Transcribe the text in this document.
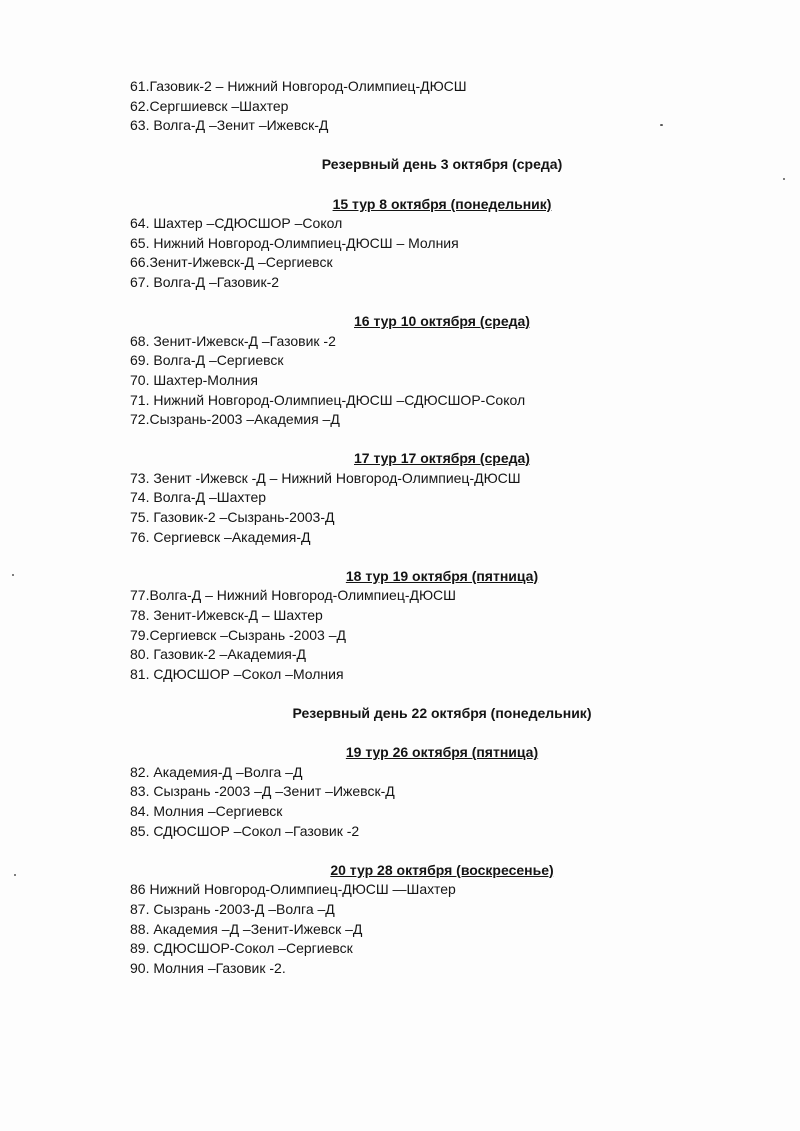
61.Газовик-2 – Нижний Новгород-Олимпиец-ДЮСШ
62.Сергшиевск –Шахтер
63. Волга-Д –Зенит –Ижевск-Д
Резервный день 3 октября (среда)
15 тур 8 октября (понедельник)
64. Шахтер –СДЮСШОР –Сокол
65. Нижний Новгород-Олимпиец-ДЮСШ – Молния
66.Зенит-Ижевск-Д –Сергиевск
67. Волга-Д –Газовик-2
16 тур 10 октября (среда)
68. Зенит-Ижевск-Д –Газовик -2
69. Волга-Д –Сергиевск
70. Шахтер-Молния
71. Нижний Новгород-Олимпиец-ДЮСШ –СДЮСШОР-Сокол
72.Сызрань-2003 –Академия –Д
17 тур 17 октября (среда)
73. Зенит -Ижевск -Д – Нижний Новгород-Олимпиец-ДЮСШ
74. Волга-Д –Шахтер
75. Газовик-2 –Сызрань-2003-Д
76. Сергиевск –Академия-Д
18 тур 19 октября (пятница)
77.Волга-Д – Нижний Новгород-Олимпиец-ДЮСШ
78. Зенит-Ижевск-Д – Шахтер
79.Сергиевск –Сызрань -2003 –Д
80. Газовик-2 –Академия-Д
81. СДЮСШОР –Сокол –Молния
Резервный день 22 октября (понедельник)
19 тур 26 октября (пятница)
82. Академия-Д –Волга –Д
83. Сызрань -2003 –Д –Зенит –Ижевск-Д
84. Молния –Сергиевск
85. СДЮСШОР –Сокол –Газовик -2
20 тур 28 октября (воскресенье)
86 Нижний Новгород-Олимпиец-ДЮСШ —Шахтер
87. Сызрань -2003-Д –Волга –Д
88. Академия –Д –Зенит-Ижевск –Д
89. СДЮСШОР-Сокол –Сергиевск
90. Молния –Газовик -2.
